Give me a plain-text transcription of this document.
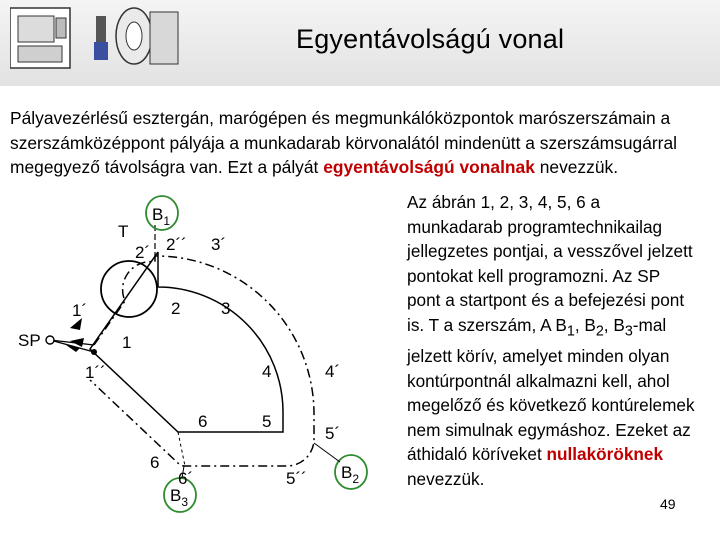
Egyentávolságú vonal
Pályavezérlésű esztergán, marógépen és megmunkálóközpontok marószerszámain a szerszámközéppont pályája a munkadarab körvonalától mindenütt a szerszámsugárral megegyező távolságra van. Ezt a pályát egyentávolságú vonalnak nevezzük.
$B_1$
$B_2$
$B_3$
T
2´ 2´´ 3´
2 3
1´
SP	1
1´´	4	4´
6	5
5´
6
6´	5´´
Az ábrán 1, 2, 3, 4, 5, 6 a munkadarab programtechnikailag jellegzetes pontjai, a vesszővel jelzett pontokat kell programozni. Az SP pont a startpont és a befejezési pont is. T a szerszám, A $B_1$, $B_2$, $B_3$-mal jelzett körív, amelyet minden olyan kontúrpontnál alkalmazni kell, ahol megelőző és következő kontúrelemek nem simulnak egymáshoz. Ezeket az áthidaló köríveket nullaköröknek nevezzük.
49
